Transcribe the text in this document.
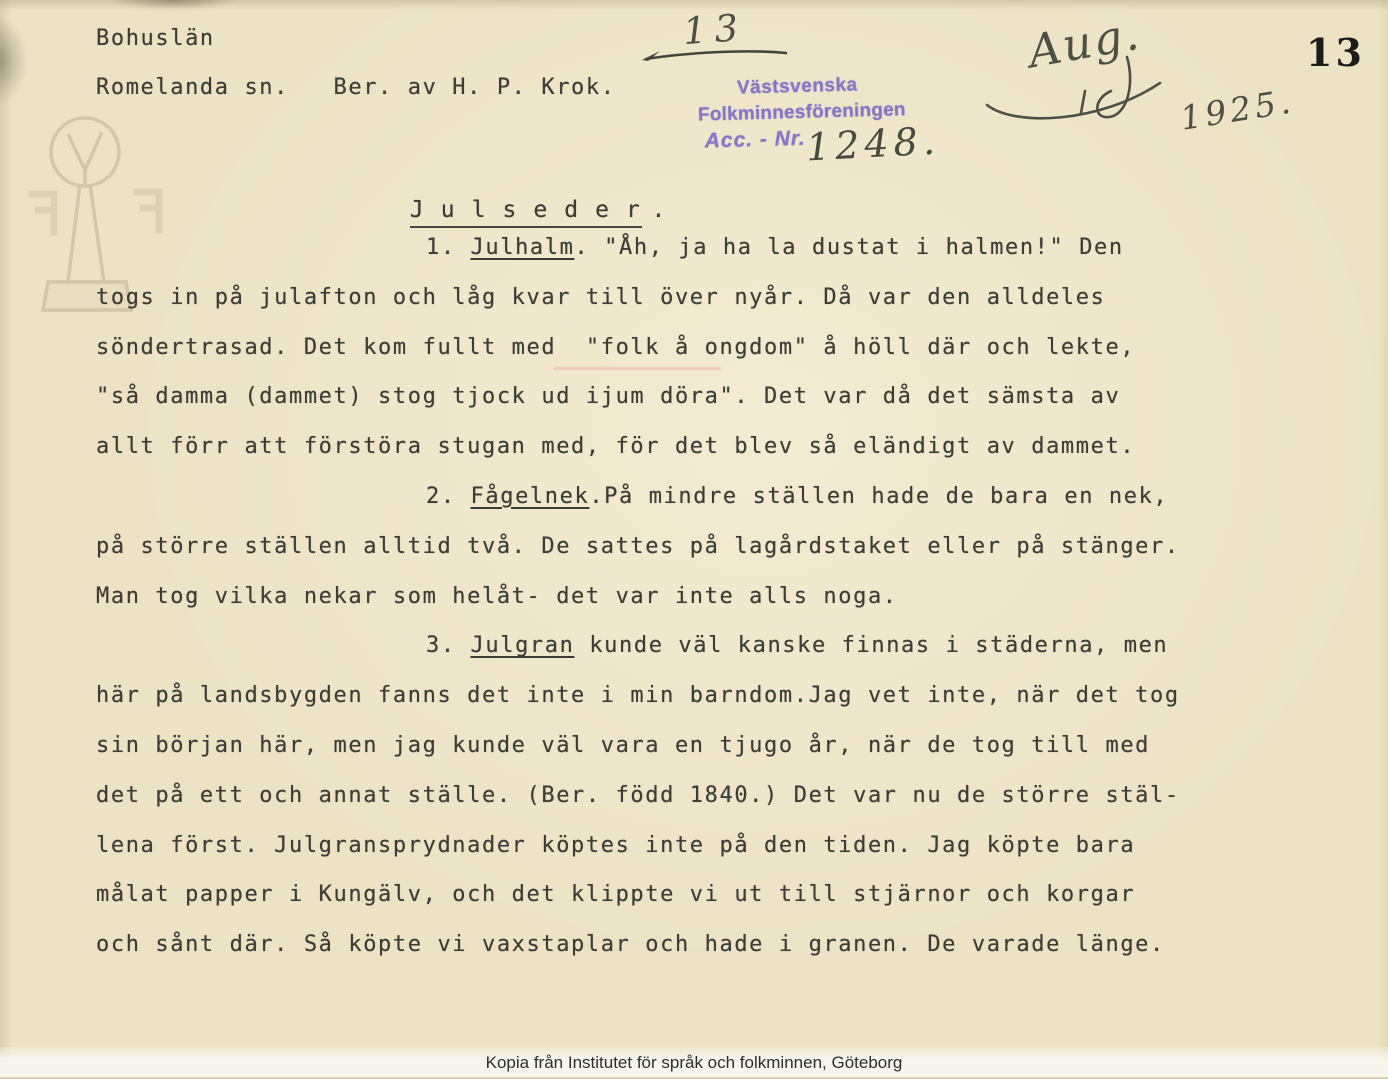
Bohuslän
Romelanda sn.   Ber. av H. P. Krok.
13
Västsvenska
Folkminnesföreningen
Acc. - Nr.
1248.
Aug.
1925.
13

J u l s e d e r .

1. Julhalm. "Åh, ja ha la dustat i halmen!" Den
togs in på julafton och låg kvar till över nyår. Då var den alldeles
söndertrasad. Det kom fullt med  "folk å ongdom" å höll där och lekte,
"så damma (dammet) stog tjock ud ijum döra". Det var då det sämsta av
allt förr att förstöra stugan med, för det blev så eländigt av dammet.
2. Fågelnek.På mindre ställen hade de bara en nek,
på större ställen alltid två. De sattes på lagårdstaket eller på stänger.
Man tog vilka nekar som helåt- det var inte alls noga.
3. Julgran kunde väl kanske finnas i städerna, men
här på landsbygden fanns det inte i min barndom.Jag vet inte, när det tog
sin början här, men jag kunde väl vara en tjugo år, när de tog till med
det på ett och annat ställe. (Ber. född 1840.) Det var nu de större stäl-
lena först. Julgransprydnader köptes inte på den tiden. Jag köpte bara
målat papper i Kungälv, och det klippte vi ut till stjärnor och korgar
och sånt där. Så köpte vi vaxstaplar och hade i granen. De varade länge.
Kopia från Institutet för språk och folkminnen, Göteborg
